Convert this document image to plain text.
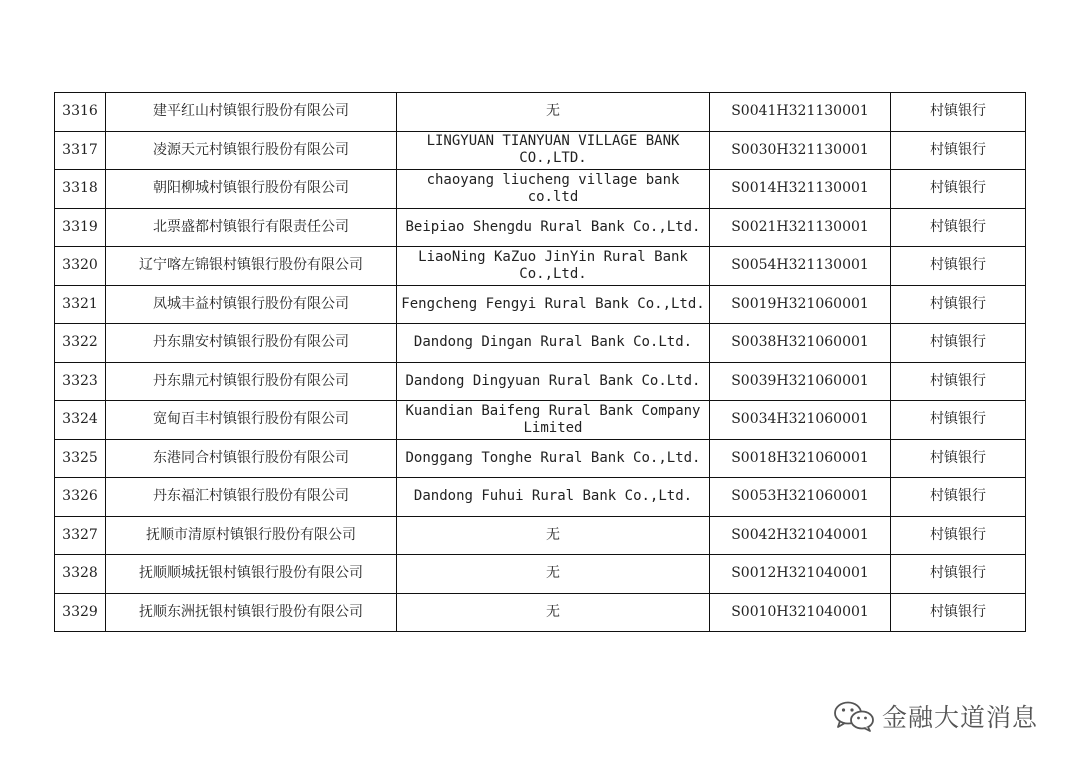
3316	建平红山村镇银行股份有限公司	无	S0041H321130001	村镇银行
3317	凌源天元村镇银行股份有限公司	LINGYUAN TIANYUAN VILLAGE BANK CO.,LTD.	S0030H321130001	村镇银行
3318	朝阳柳城村镇银行股份有限公司	chaoyang liucheng village bank co.ltd	S0014H321130001	村镇银行
3319	北票盛都村镇银行有限责任公司	Beipiao Shengdu Rural Bank Co.,Ltd.	S0021H321130001	村镇银行
3320	辽宁喀左锦银村镇银行股份有限公司	LiaoNing KaZuo JinYin Rural Bank Co.,Ltd.	S0054H321130001	村镇银行
3321	凤城丰益村镇银行股份有限公司	Fengcheng Fengyi Rural Bank Co.,Ltd.	S0019H321060001	村镇银行
3322	丹东鼎安村镇银行股份有限公司	Dandong Dingan Rural Bank Co.Ltd.	S0038H321060001	村镇银行
3323	丹东鼎元村镇银行股份有限公司	Dandong Dingyuan Rural Bank Co.Ltd.	S0039H321060001	村镇银行
3324	宽甸百丰村镇银行股份有限公司	Kuandian Baifeng Rural Bank Company Limited	S0034H321060001	村镇银行
3325	东港同合村镇银行股份有限公司	Donggang Tonghe Rural Bank Co.,Ltd.	S0018H321060001	村镇银行
3326	丹东福汇村镇银行股份有限公司	Dandong Fuhui Rural Bank Co.,Ltd.	S0053H321060001	村镇银行
3327	抚顺市清原村镇银行股份有限公司	无	S0042H321040001	村镇银行
3328	抚顺顺城抚银村镇银行股份有限公司	无	S0012H321040001	村镇银行
3329	抚顺东洲抚银村镇银行股份有限公司	无	S0010H321040001	村镇银行
金融大道消息
